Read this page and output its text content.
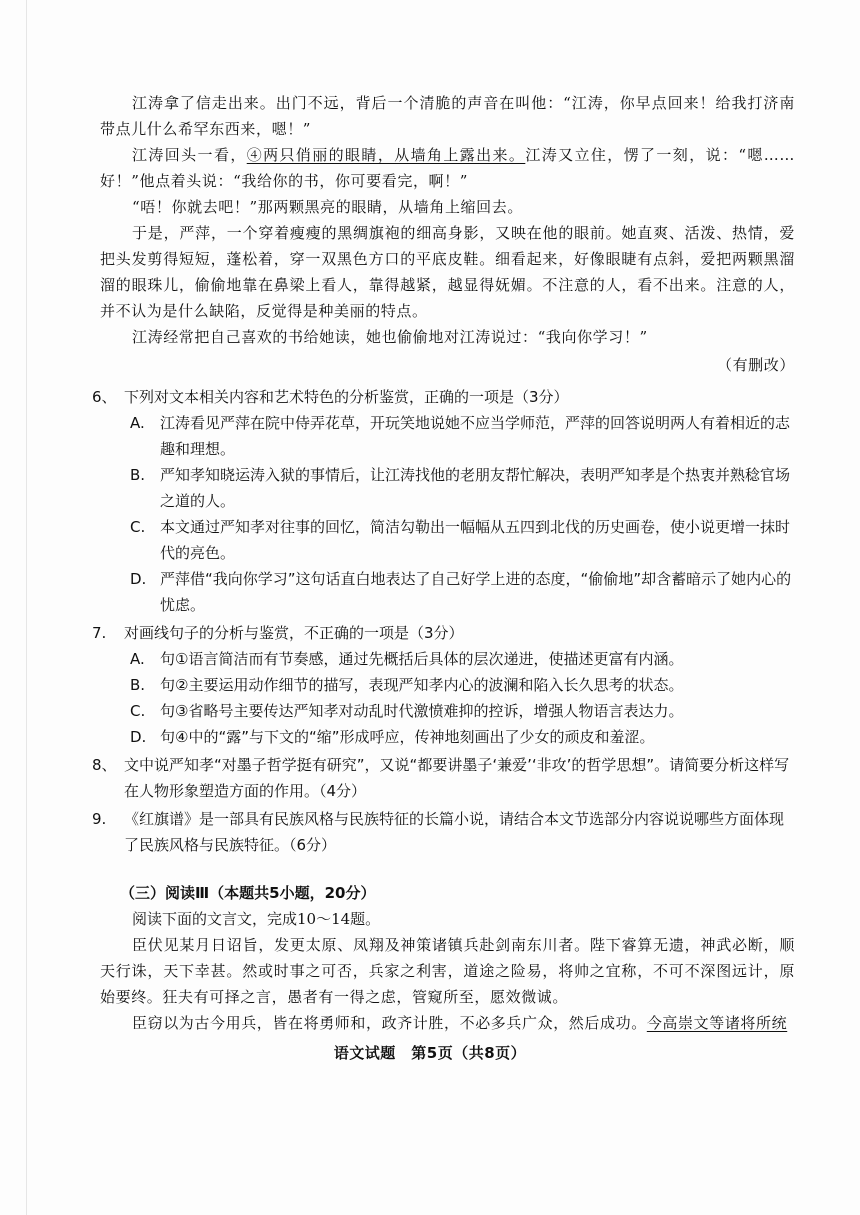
江涛拿了信走出来。出门不远，背后一个清脆的声音在叫他：“江涛，你早点回来！给我打济南带点儿什么希罕东西来，嗯！”

江涛回头一看，④两只俏丽的眼睛，从墙角上露出来。江涛又立住，愣了一刻，说：“嗯……好！”他点着头说：“我给你的书，你可要看完，啊！”

“唔！你就去吧！”那两颗黑亮的眼睛，从墙角上缩回去。

于是，严萍，一个穿着瘦瘦的黑绸旗袍的细高身影，又映在他的眼前。她直爽、活泼、热情，爱把头发剪得短短，蓬松着，穿一双黑色方口的平底皮鞋。细看起来，好像眼睫有点斜，爱把两颗黑溜溜的眼珠儿，偷偷地靠在鼻梁上看人，靠得越紧，越显得妩媚。不注意的人，看不出来。注意的人，并不认为是什么缺陷，反觉得是种美丽的特点。

江涛经常把自己喜欢的书给她读，她也偷偷地对江涛说过：“我向你学习！”

（有删改）

6、 下列对文本相关内容和艺术特色的分析鉴赏，正确的一项是（3分）
A.	江涛看见严萍在院中侍弄花草，开玩笑地说她不应当学师范，严萍的回答说明两人有着相近的志趣和理想。
B. 严知孝知晓运涛入狱的事情后，让江涛找他的老朋友帮忙解决，表明严知孝是个热衷并熟稔官场之道的人。
C. 本文通过严知孝对往事的回忆，简洁勾勒出一幅幅从五四到北伐的历史画卷，使小说更增一抹时代的亮色。
D. 严萍借“我向你学习”这句话直白地表达了自己好学上进的态度，“偷偷地”却含蓄暗示了她内心的忧虑。
7.	对画线句子的分析与鉴赏，不正确的一项是（3分）
A.	句①语言简洁而有节奏感，通过先概括后具体的层次递进，使描述更富有内涵。
B. 句②主要运用动作细节的描写，表现严知孝内心的波澜和陷入长久思考的状态。
C. 句③省略号主要传达严知孝对动乱时代激愤难抑的控诉，增强人物语言表达力。
D. 句④中的“露”与下文的“缩”形成呼应，传神地刻画出了少女的顽皮和羞涩。
8、 文中说严知孝“对墨子哲学挺有研究”，又说“都要讲墨子‘兼爱’‘非攻’的哲学思想”。请简要分析这样写在人物形象塑造方面的作用。（4分）
9.	《红旗谱》是一部具有民族风格与民族特征的长篇小说，请结合本文节选部分内容说说哪些方面体现了民族风格与民族特征。（6分）
（三）阅读Ⅲ（本题共5小题，20分）
阅读下面的文言文，完成10～14题。

臣伏见某月日诏旨，发更太原、凤翔及神策诸镇兵赴剑南东川者。陛下睿算无遗，神武必断，顺天行诛，天下幸甚。然或时事之可否，兵家之利害，道途之险易，将帅之宜称，不可不深图远计，原始要终。狂夫有可择之言，愚者有一得之虑，管窥所至，愿效微诚。

臣窃以为古今用兵，皆在将勇师和，政齐计胜，不必多兵广众，然后成功。今高崇文等诸将所统

语文试题　第5页（共8页）
